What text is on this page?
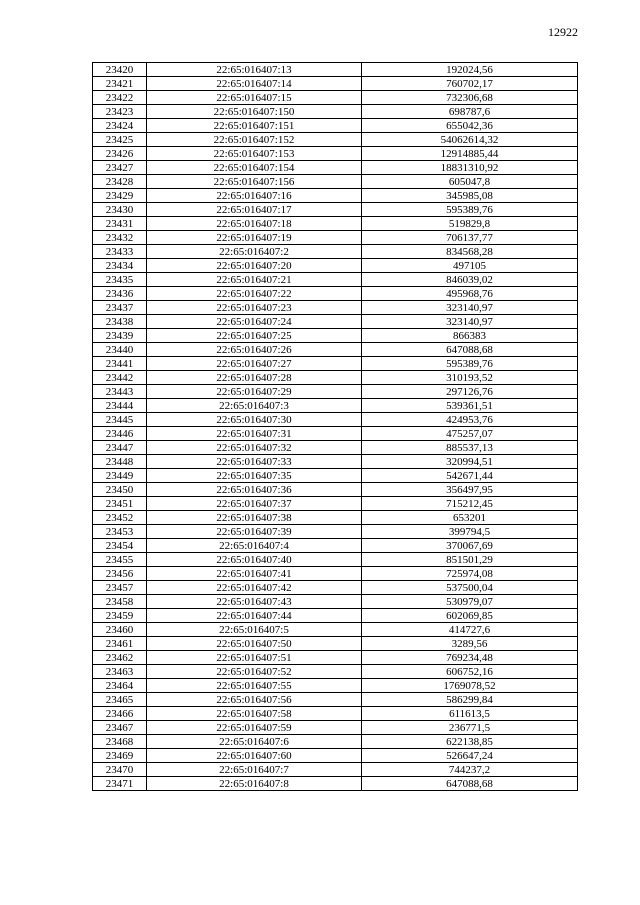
12922
23420	22:65:016407:13	192024,56
23421	22:65:016407:14	760702,17
23422	22:65:016407:15	732306,68
23423	22:65:016407:150	698787,6
23424	22:65:016407:151	655042,36
23425	22:65:016407:152	54062614,32
23426	22:65:016407:153	12914885,44
23427	22:65:016407:154	18831310,92
23428	22:65:016407:156	605047,8
23429	22:65:016407:16	345985,08
23430	22:65:016407:17	595389,76
23431	22:65:016407:18	519829,8
23432	22:65:016407:19	706137,77
23433	22:65:016407:2	834568,28
23434	22:65:016407:20	497105
23435	22:65:016407:21	846039,02
23436	22:65:016407:22	495968,76
23437	22:65:016407:23	323140,97
23438	22:65:016407:24	323140,97
23439	22:65:016407:25	866383
23440	22:65:016407:26	647088,68
23441	22:65:016407:27	595389,76
23442	22:65:016407:28	310193,52
23443	22:65:016407:29	297126,76
23444	22:65:016407:3	539361,51
23445	22:65:016407:30	424953,76
23446	22:65:016407:31	475257,07
23447	22:65:016407:32	885537,13
23448	22:65:016407:33	320994,51
23449	22:65:016407:35	542671,44
23450	22:65:016407:36	356497,95
23451	22:65:016407:37	715212,45
23452	22:65:016407:38	653201
23453	22:65:016407:39	399794,5
23454	22:65:016407:4	370067,69
23455	22:65:016407:40	851501,29
23456	22:65:016407:41	725974,08
23457	22:65:016407:42	537500,04
23458	22:65:016407:43	530979,07
23459	22:65:016407:44	602069,85
23460	22:65:016407:5	414727,6
23461	22:65:016407:50	3289,56
23462	22:65:016407:51	769234,48
23463	22:65:016407:52	606752,16
23464	22:65:016407:55	1769078,52
23465	22:65:016407:56	586299,84
23466	22:65:016407:58	611613,5
23467	22:65:016407:59	236771,5
23468	22:65:016407:6	622138,85
23469	22:65:016407:60	526647,24
23470	22:65:016407:7	744237,2
23471	22:65:016407:8	647088,68
